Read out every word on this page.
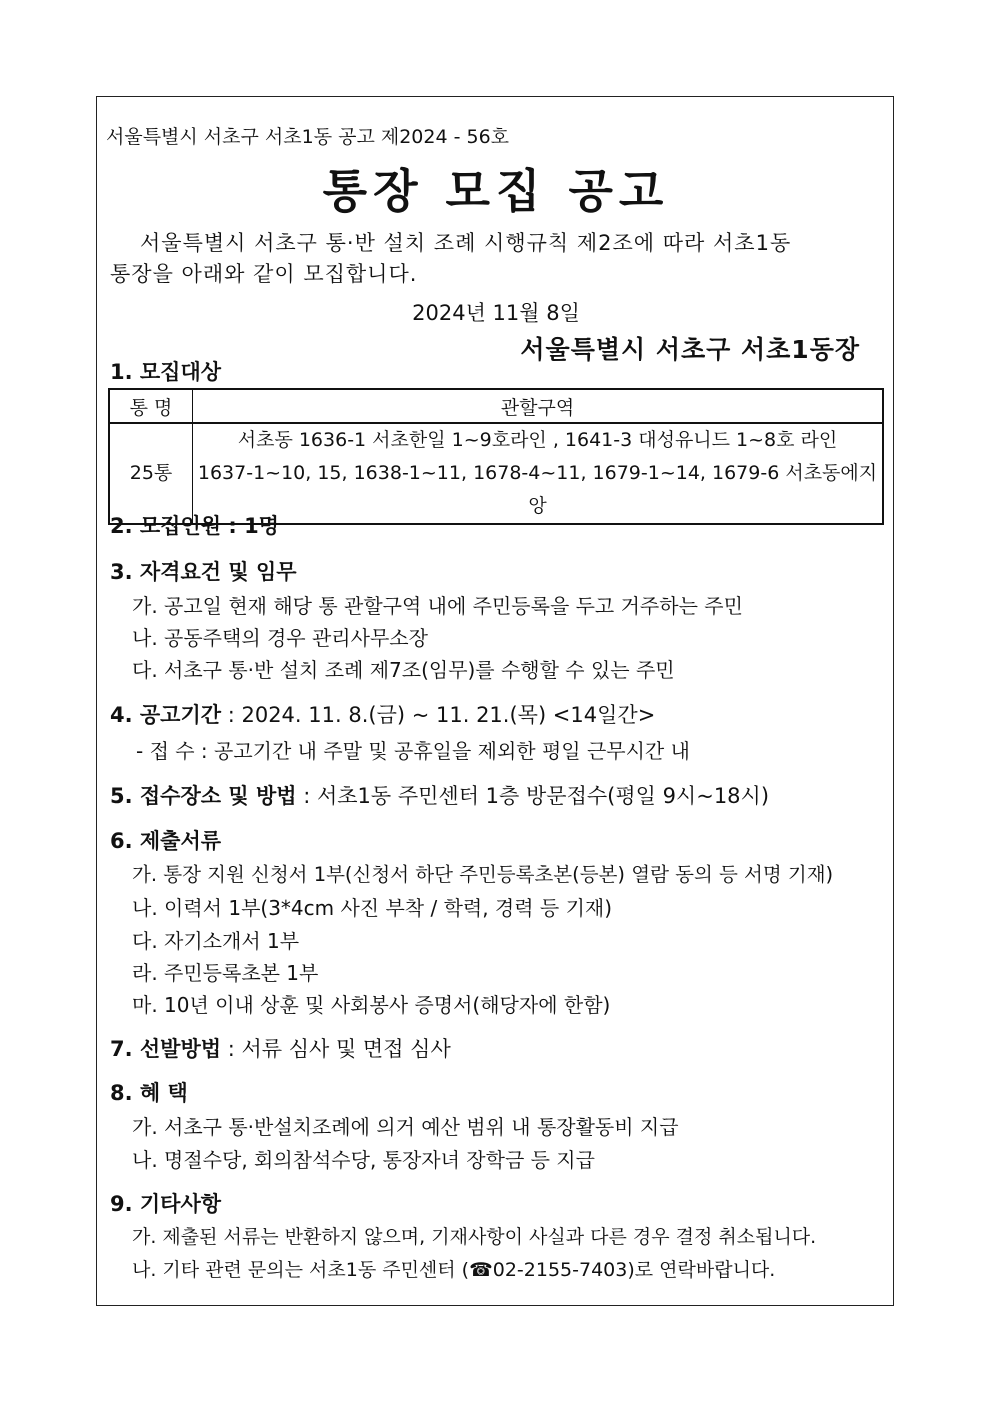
서울특별시 서초구 서초1동 공고 제2024 - 56호
통장 모집 공고
서울특별시 서초구 통·반 설치 조례 시행규칙 제2조에 따라 서초1동
통장을 아래와 같이 모집합니다.
2024년 11월 8일
서울특별시 서초구 서초1동장
1. 모집대상
통 명	관할구역
25통	서초동 1636-1 서초한일 1~9호라인 , 1641-3 대성유니드 1~8호 라인
1637-1~10, 15, 1638-1~11, 1678-4~11, 1679-1~14, 1679-6 서초동에지앙
2. 모집인원 : 1명
3. 자격요건 및 임무
가. 공고일 현재 해당 통 관할구역 내에 주민등록을 두고 거주하는 주민
나. 공동주택의 경우 관리사무소장
다. 서초구 통·반 설치 조례 제7조(임무)를 수행할 수 있는 주민
4. 공고기간 : 2024. 11. 8.(금) ~ 11. 21.(목) <14일간>
- 접 수 : 공고기간 내 주말 및 공휴일을 제외한 평일 근무시간 내
5. 접수장소 및 방법 : 서초1동 주민센터 1층 방문접수(평일 9시~18시)
6. 제출서류
가. 통장 지원 신청서 1부(신청서 하단 주민등록초본(등본) 열람 동의 등 서명 기재)
나. 이력서 1부(3*4cm 사진 부착 / 학력, 경력 등 기재)
다. 자기소개서 1부
라. 주민등록초본 1부
마. 10년 이내 상훈 및 사회봉사 증명서(해당자에 한함)
7. 선발방법 : 서류 심사 및 면접 심사
8. 혜 택
가. 서초구 통·반설치조례에 의거 예산 범위 내 통장활동비 지급
나. 명절수당, 회의참석수당, 통장자녀 장학금 등 지급
9. 기타사항
가. 제출된 서류는 반환하지 않으며, 기재사항이 사실과 다른 경우 결정 취소됩니다.
나. 기타 관련 문의는 서초1동 주민센터 (☎02-2155-7403)로 연락바랍니다.
